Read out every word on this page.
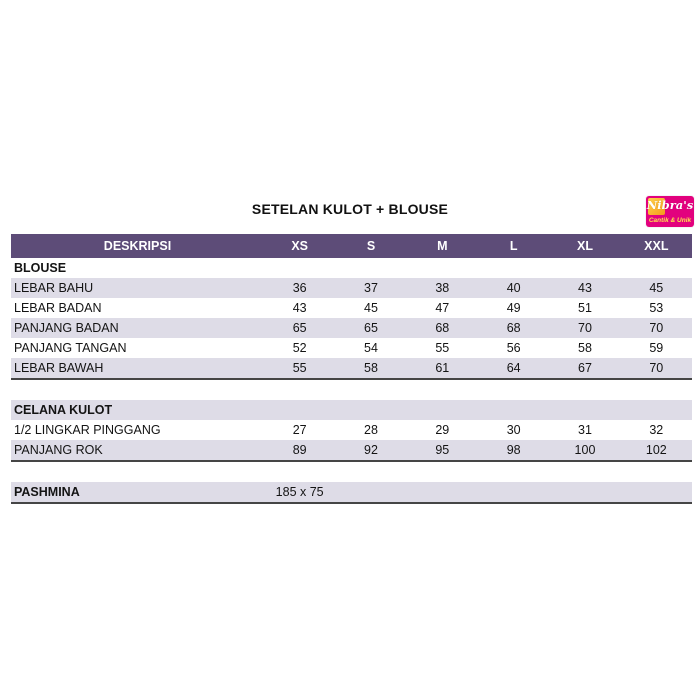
SETELAN KULOT + BLOUSE	Nibra's
Cantik & Unik
DESKRIPSI	XS	S	M	L	XL	XXL
BLOUSE						
LEBAR BAHU	36	37	38	40	43	45
LEBAR BADAN	43	45	47	49	51	53
PANJANG BADAN	65	65	68	68	70	70
PANJANG TANGAN	52	54	55	56	58	59
LEBAR BAWAH	55	58	61	64	67	70

CELANA KULOT						
1/2 LINGKAR PINGGANG	27	28	29	30	31	32
PANJANG ROK	89	92	95	98	100	102

PASHMINA	185 x 75					
